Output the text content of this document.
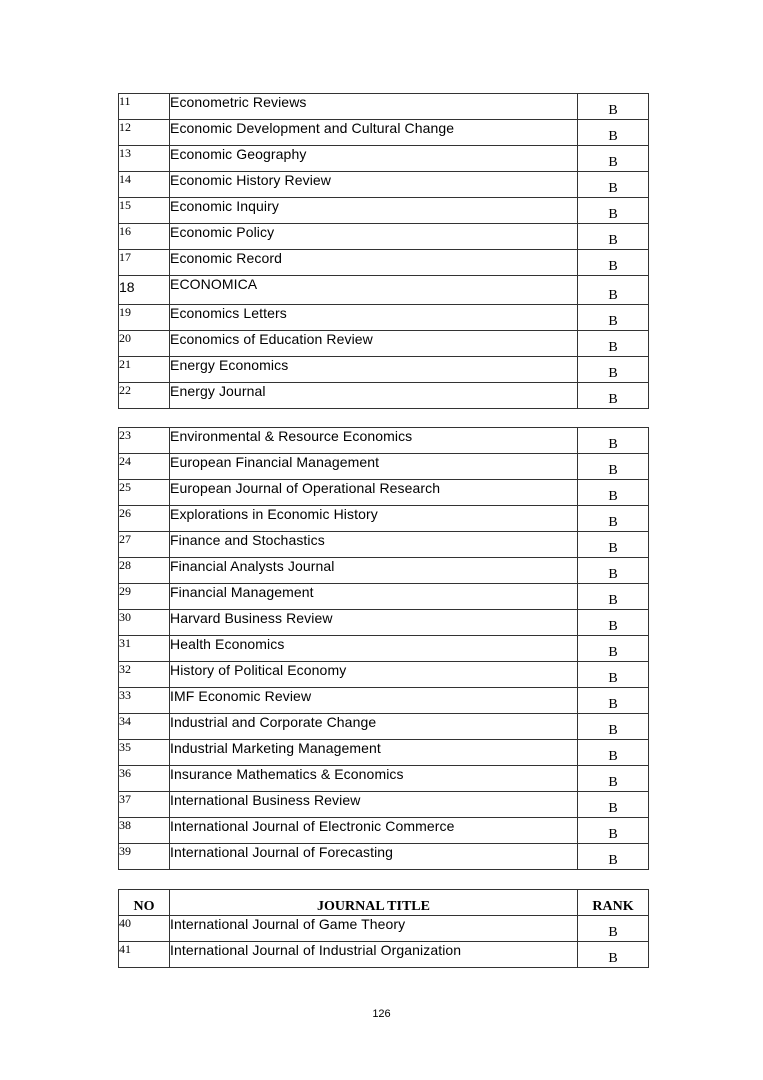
11	Econometric Reviews	B
12	Economic Development and Cultural Change	B
13	Economic Geography	B
14	Economic History Review	B
15	Economic Inquiry	B
16	Economic Policy	B
17	Economic Record	B
18	ECONOMICA	B
19	Economics Letters	B
20	Economics of Education Review	B
21	Energy Economics	B
22	Energy Journal	B
23	Environmental & Resource Economics	B
24	European Financial Management	B
25	European Journal of Operational Research	B
26	Explorations in Economic History	B
27	Finance and Stochastics	B
28	Financial Analysts Journal	B
29	Financial Management	B
30	Harvard Business Review	B
31	Health Economics	B
32	History of Political Economy	B
33	IMF Economic Review	B
34	Industrial and Corporate Change	B
35	Industrial Marketing Management	B
36	Insurance Mathematics & Economics	B
37	International Business Review	B
38	International Journal of Electronic Commerce	B
39	International Journal of Forecasting	B
NO	JOURNAL TITLE	RANK
40	International Journal of Game Theory	B
41	International Journal of Industrial Organization	B
126
